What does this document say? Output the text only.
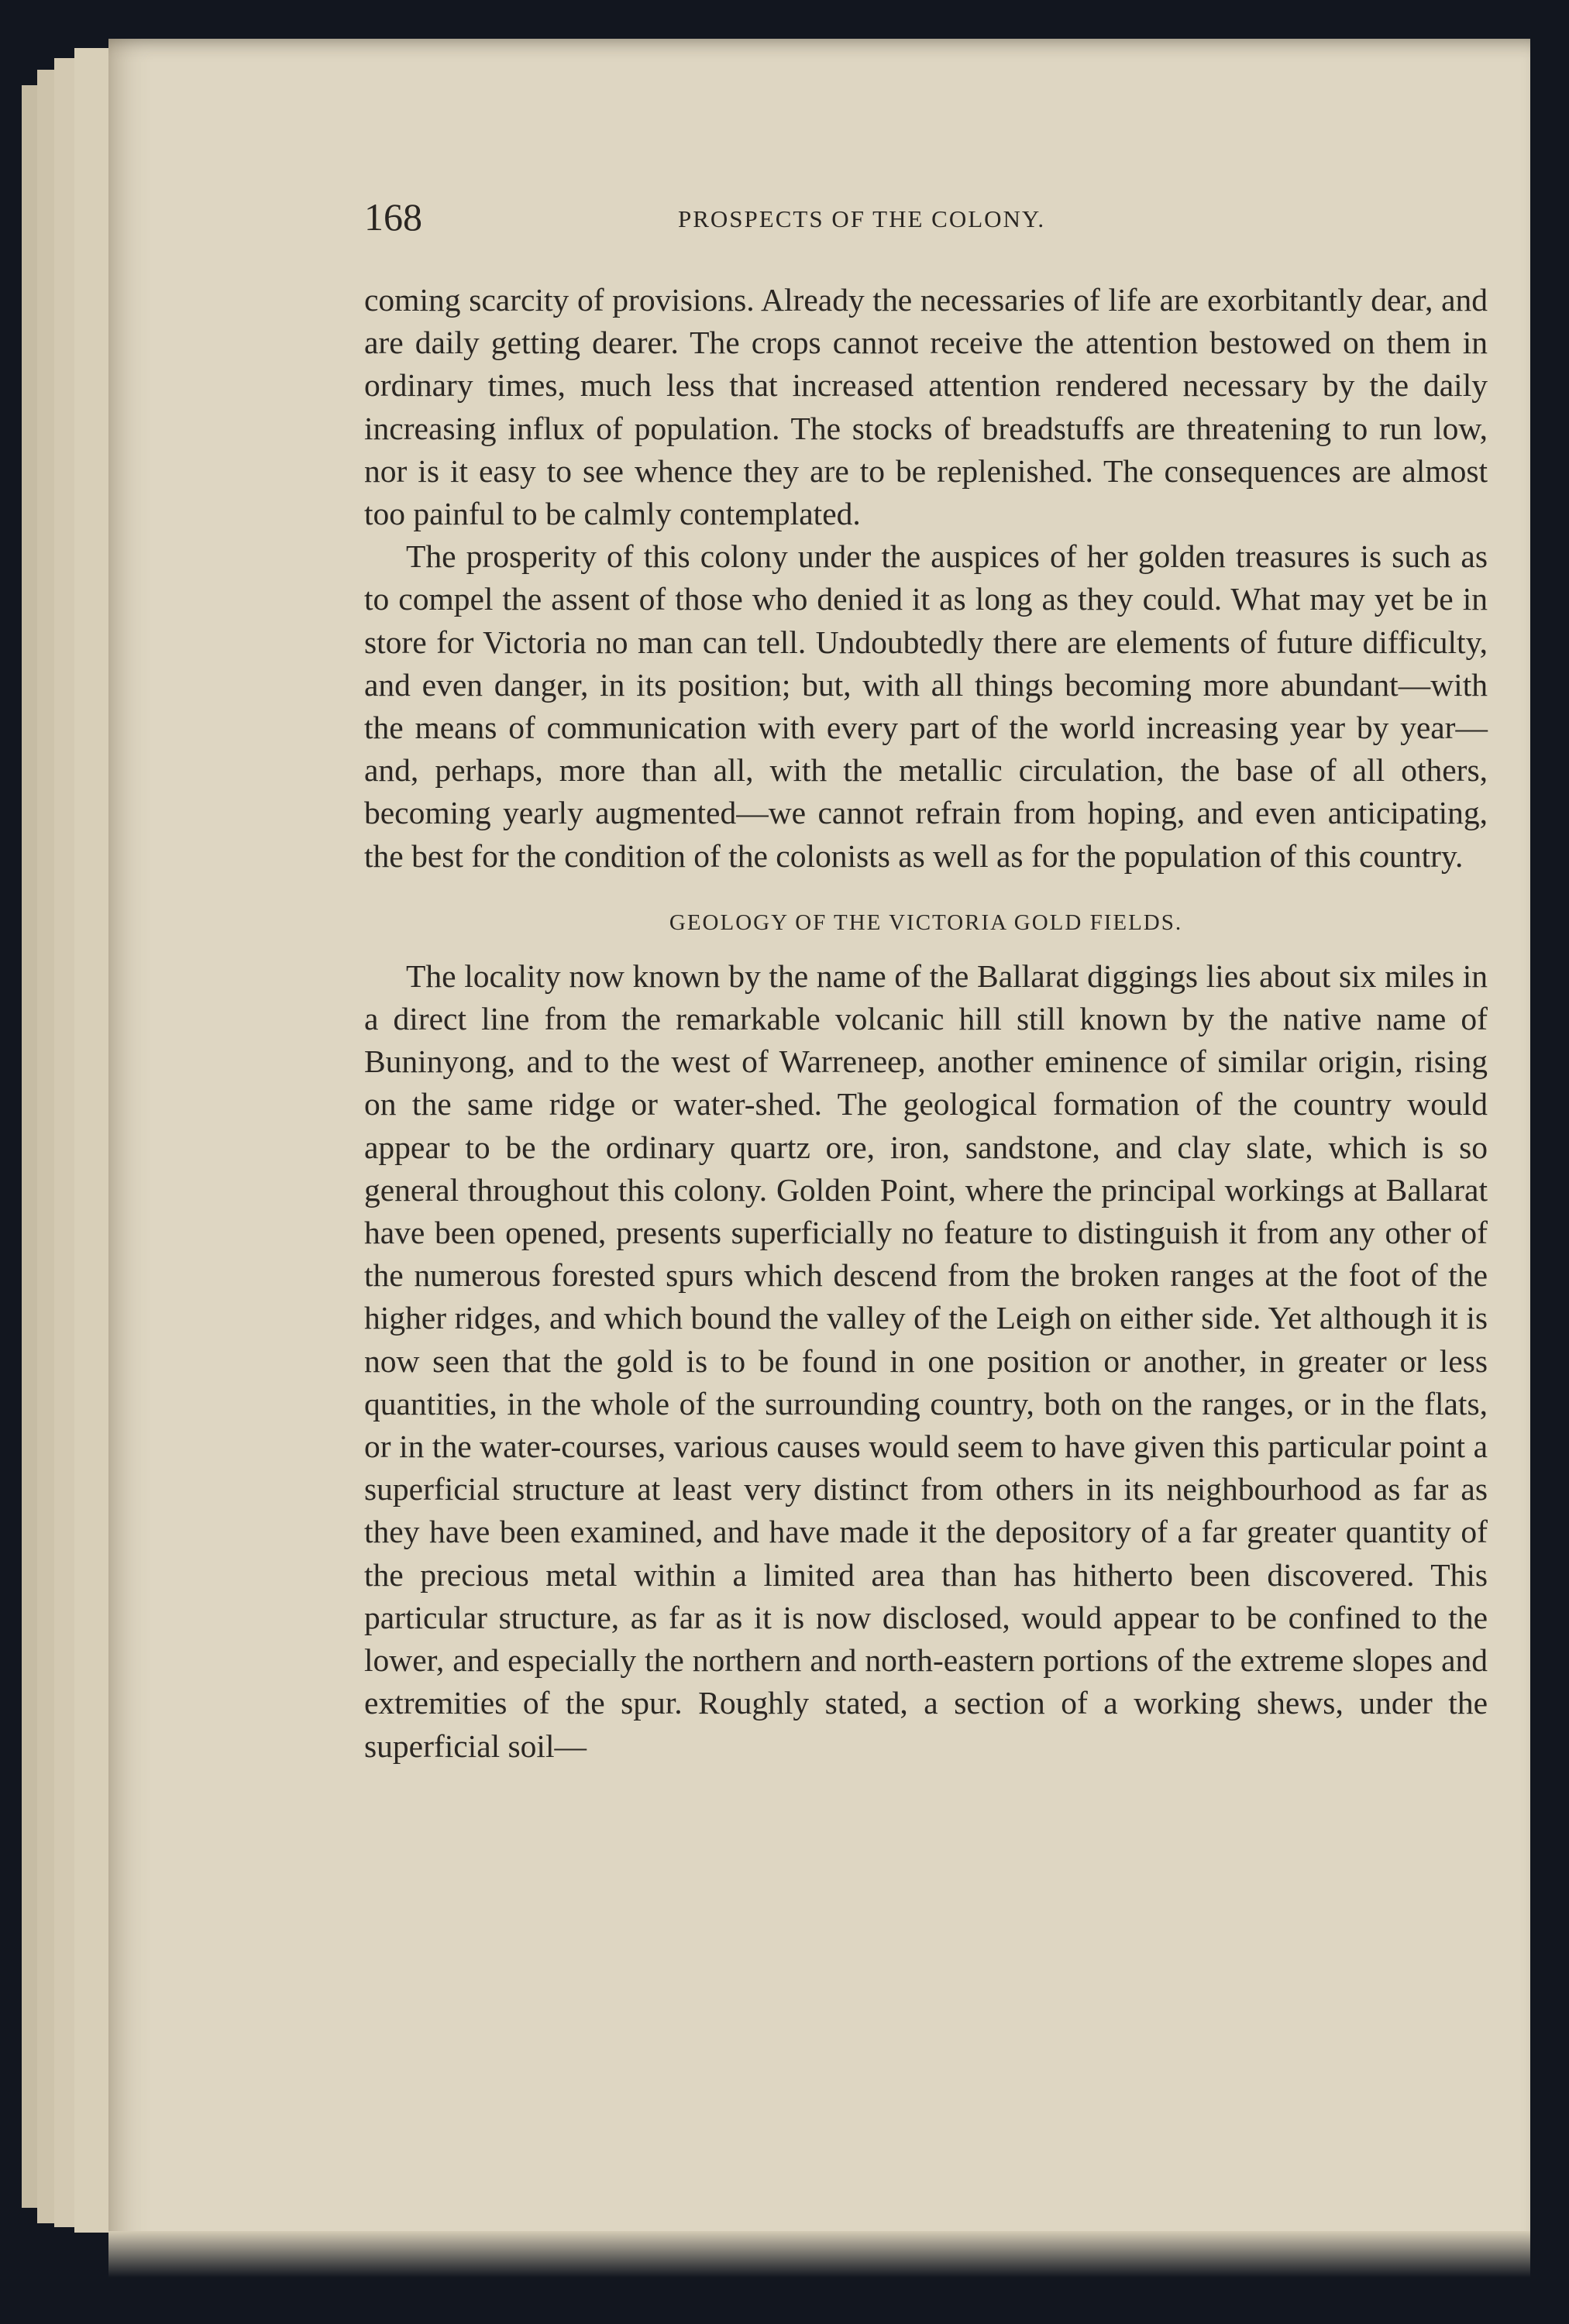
168	PROSPECTS OF THE COLONY.

coming scarcity of provisions. Already the necessaries of life are exorbitantly dear, and are daily getting dearer. The crops cannot receive the attention bestowed on them in ordinary times, much less that increased attention rendered necessary by the daily increasing influx of population. The stocks of breadstuffs are threatening to run low, nor is it easy to see whence they are to be replenished. The consequences are almost too painful to be calmly contemplated.

The prosperity of this colony under the auspices of her golden treasures is such as to compel the assent of those who denied it as long as they could. What may yet be in store for Victoria no man can tell. Undoubtedly there are elements of future difficulty, and even danger, in its position; but, with all things becoming more abundant—with the means of communication with every part of the world increasing year by year—and, perhaps, more than all, with the metallic circulation, the base of all others, becoming yearly augmented—we cannot refrain from hoping, and even anticipating, the best for the condition of the colonists as well as for the population of this country.

GEOLOGY OF THE VICTORIA GOLD FIELDS.

The locality now known by the name of the Ballarat diggings lies about six miles in a direct line from the remarkable volcanic hill still known by the native name of Buninyong, and to the west of Warreneep, another eminence of similar origin, rising on the same ridge or water-shed. The geological formation of the country would appear to be the ordinary quartz ore, iron, sandstone, and clay slate, which is so general throughout this colony. Golden Point, where the principal workings at Ballarat have been opened, presents superficially no feature to distinguish it from any other of the numerous forested spurs which descend from the broken ranges at the foot of the higher ridges, and which bound the valley of the Leigh on either side. Yet although it is now seen that the gold is to be found in one position or another, in greater or less quantities, in the whole of the surrounding country, both on the ranges, or in the flats, or in the water-courses, various causes would seem to have given this particular point a superficial structure at least very distinct from others in its neighbourhood as far as they have been examined, and have made it the depository of a far greater quantity of the precious metal within a limited area than has hitherto been discovered. This particular structure, as far as it is now disclosed, would appear to be confined to the lower, and especially the northern and north-eastern portions of the extreme slopes and extremities of the spur. Roughly stated, a section of a working shews, under the superficial soil—
